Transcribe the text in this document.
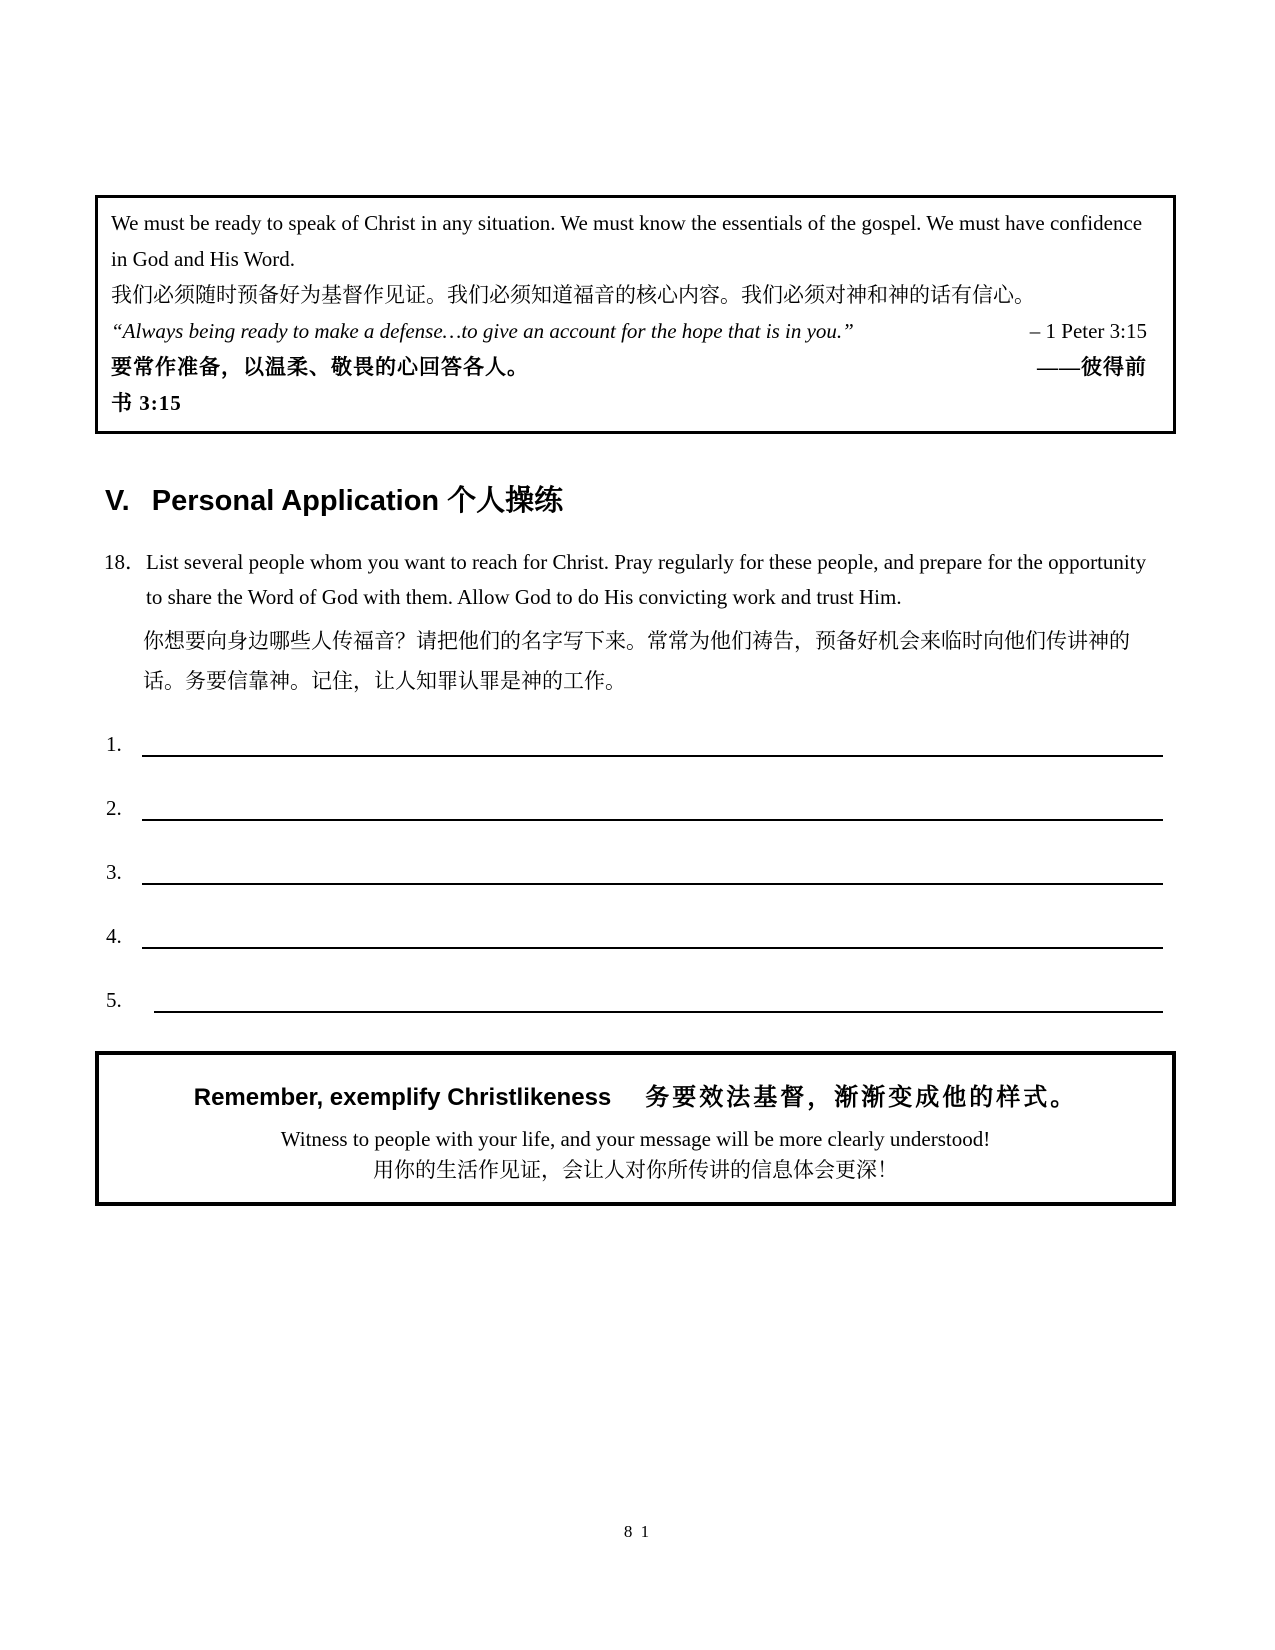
We must be ready to speak of Christ in any situation. We must know the essentials of the gospel. We must have confidence in God and His Word.

我们必须随时预备好为基督作见证。我们必须知道福音的核心内容。我们必须对神和神的话有信心。

“Always being ready to make a defense…to give an account for the hope that is in you.”	– 1 Peter 3:15
要常作准备，以温柔、敬畏的心回答各人。	——彼得前

书 3:15

V. Personal Application 个人操练
18． List several people whom you want to reach for Christ. Pray regularly for these people, and prepare for the opportunity to share the Word of God with them. Allow God to do His convicting work and trust Him.
你想要向身边哪些人传福音？请把他们的名字写下来。常常为他们祷告，预备好机会来临时向他们传讲神的话。务要信靠神。记住，让人知罪认罪是神的工作。
1.
2.
3.
4.
5.
Remember, exemplify Christlikeness 务要效法基督，渐渐变成他的样式。
Witness to people with your life, and your message will be more clearly understood!
用你的生活作见证，会让人对你所传讲的信息体会更深！
8 1
